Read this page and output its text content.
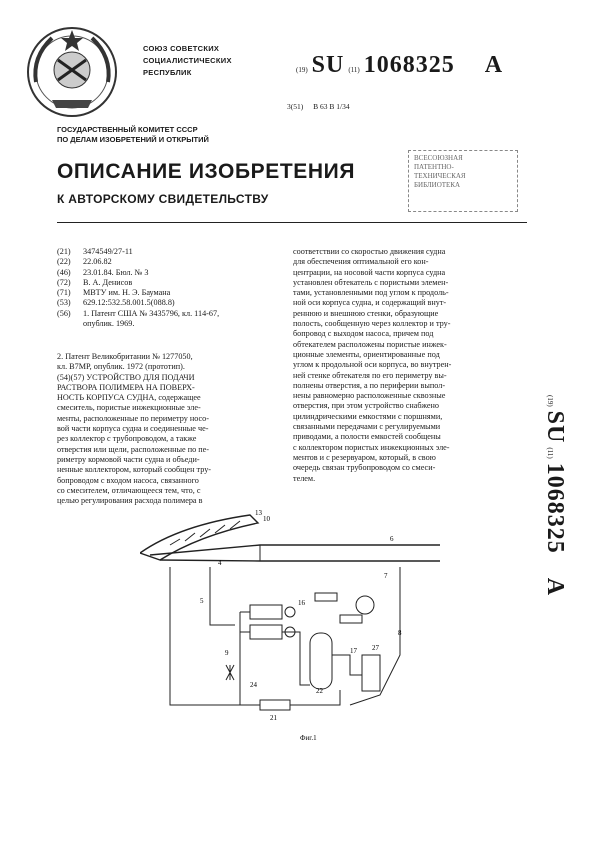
СОЮЗ СОВЕТСКИХ
СОЦИАЛИСТИЧЕСКИХ
РЕСПУБЛИК	(19) SU (11) 1068325 A
3(51) B 63 B 1/34
ГОСУДАРСТВЕННЫЙ КОМИТЕТ СССР
ПО ДЕЛАМ ИЗОБРЕТЕНИЙ И ОТКРЫТИЙ
ОПИСАНИЕ ИЗОБРЕТЕНИЯ
К АВТОРСКОМУ СВИДЕТЕЛЬСТВУ
ВСЕСОЮЗНАЯ
ПАТЕНТНО-
ТЕХНИЧЕСКАЯ
БИБЛИОТЕКА
(21) 3474549/27-11
(22) 22.06.82
(46) 23.01.84. Бюл. № 3
(72) В. А. Денисов
(71) МВТУ им. Н. Э. Баумана
(53) 629.12:532.58.001.5(088.8)
(56) 1. Патент США № 3435796, кл. 114-67,
опублик. 1969.
2. Патент Великобритании № 1277050,
кл. B7MP, опублик. 1972 (прототип).
(54)(57) УСТРОЙСТВО ДЛЯ ПОДАЧИ
РАСТВОРА ПОЛИМЕРА НА ПОВЕРХ-
НОСТЬ КОРПУСА СУДНА, содержащее
смеситель, пористые инжекционные эле-
менты, расположенные по периметру носо-
вой части корпуса судна и соединенные че-
рез коллектор с трубопроводом, а также
отверстия или щели, расположенные по пе-
риметру кормовой части судна и объеди-
ненные коллектором, который сообщен тру-
бопроводом с входом насоса, связанного
со смесителем, отличающееся тем, что, с
целью регулирования расхода полимера в
соответствии со скоростью движения судна
для обеспечения оптимальной его кон-
центрации, на носовой части корпуса судна
установлен обтекатель с пористыми элемен-
тами, установленными под углом к продоль-
ной оси корпуса судна, и содержащий внут-
реннюю и внешнюю стенки, образующие
полость, сообщенную через коллектор и тру-
бопровод с выходом насоса, причем под
обтекателем расположены пористые инжек-
ционные элементы, ориентированные под
углом к продольной оси корпуса, во внутрен-
ней стенке обтекателя по его периметру вы-
полнены отверстия, а по периферии выпол-
нены равномерно расположенные сквозные
отверстия, при этом устройство снабжено
цилиндрическими емкостями с поршнями,
связанными передачами с регулируемыми
приводами, а полости емкостей сообщены
с коллектором пористых инжекционных эле-
ментов и с резервуаром, который, в свою
очередь связан трубопроводом со смеси-
телем.
(19) SU (11) 1068325 A
13
10
4
6
7
5	16
17 27
8
22
24
21
9
Фиг.1
